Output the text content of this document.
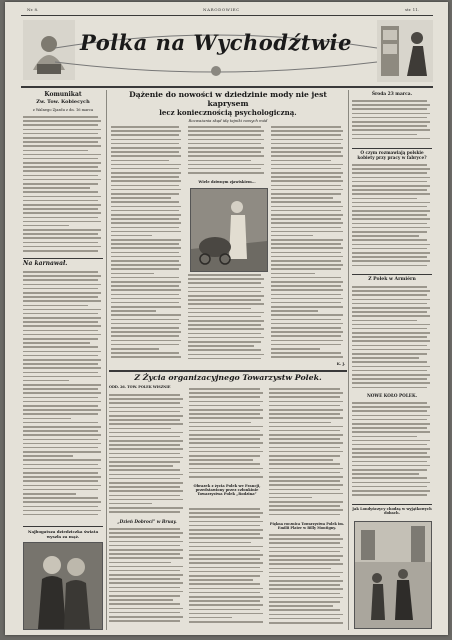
Nr. 8.	NARODOWIEC	str. 11.
Polka na Wychodźtwie
Komunikat
Zw. Tow. Kobiecych
z Walnego Zjazdu z dn. 16 marca
Na karnawał.
Najbogatsza dziedziczka świata wyszła za mąż.
Dążenie do nowości w dziedzinie mody nie jest kaprysem
lecz koniecznością psychologiczną.
Rozważania skąd idą tajniki nowych mód
Wiele dziwnym zjawiskiem...
K. J.
Z Życia organizacyjnego Towarzystw Polek.
ODD. 26. TOW. POLEK WISZNIE
„Dzień Dobroci” w Bruay.
Obrazek z życia Polek we Francji, przedstawiony przez członkinie Towarzystwa Polek „Rodzina”
Piękna rocznica Towarzystwa Polek im. Emilii Plater w Billy Montigny.
Środa 23 marca.
O czym rozmawiają polskie kobiety przy pracy w fabryce?
Z Polek w Armiérn
NOWE KOŁO POLEK.
Jak Londyńczycy chodzą w wyjątkowych dobach.
